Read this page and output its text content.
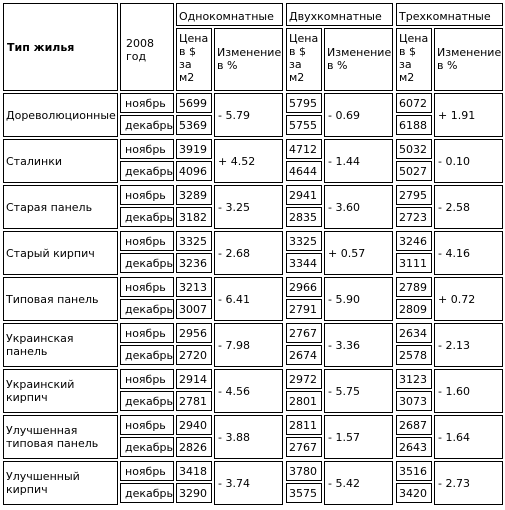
Тип жилья	2008
год
Однокомнатные
Цена
в $
за
м2
Изменение
в %
Двухкомнатные
Цена
в $
за
м2
Изменение
в %
Трехкомнатные
Цена
в $
за
м2
Изменение
в %
Дореволюционные
ноябрь
декабрь
5699
5369
- 5.79
5795
5755
- 0.69
6072
6188
+ 1.91
Сталинки
ноябрь
декабрь
3919
4096
+ 4.52
4712
4644
- 1.44
5032
5027
- 0.10
Старая панель
ноябрь
декабрь
3289
3182
- 3.25
2941
2835
- 3.60
2795
2723
- 2.58
Старый кирпич
ноябрь
декабрь
3325
3236
- 2.68
3325
3344
+ 0.57
3246
3111
- 4.16
Типовая панель
ноябрь
декабрь
3213
3007
- 6.41
2966
2791
- 5.90
2789
2809
+ 0.72
Украинская
панель
ноябрь
декабрь
2956
2720
- 7.98
2767
2674
- 3.36
2634
2578
- 2.13
Украинский
кирпич
ноябрь
декабрь
2914
2781
- 4.56
2972
2801
- 5.75
3123
3073
- 1.60
Улучшенная
типовая панель
ноябрь
декабрь
2940
2826
- 3.88
2811
2767
- 1.57
2687
2643
- 1.64
Улучшенный
кирпич
ноябрь
декабрь
3418
3290
- 3.74
3780
3575
- 5.42
3516
3420
- 2.73
